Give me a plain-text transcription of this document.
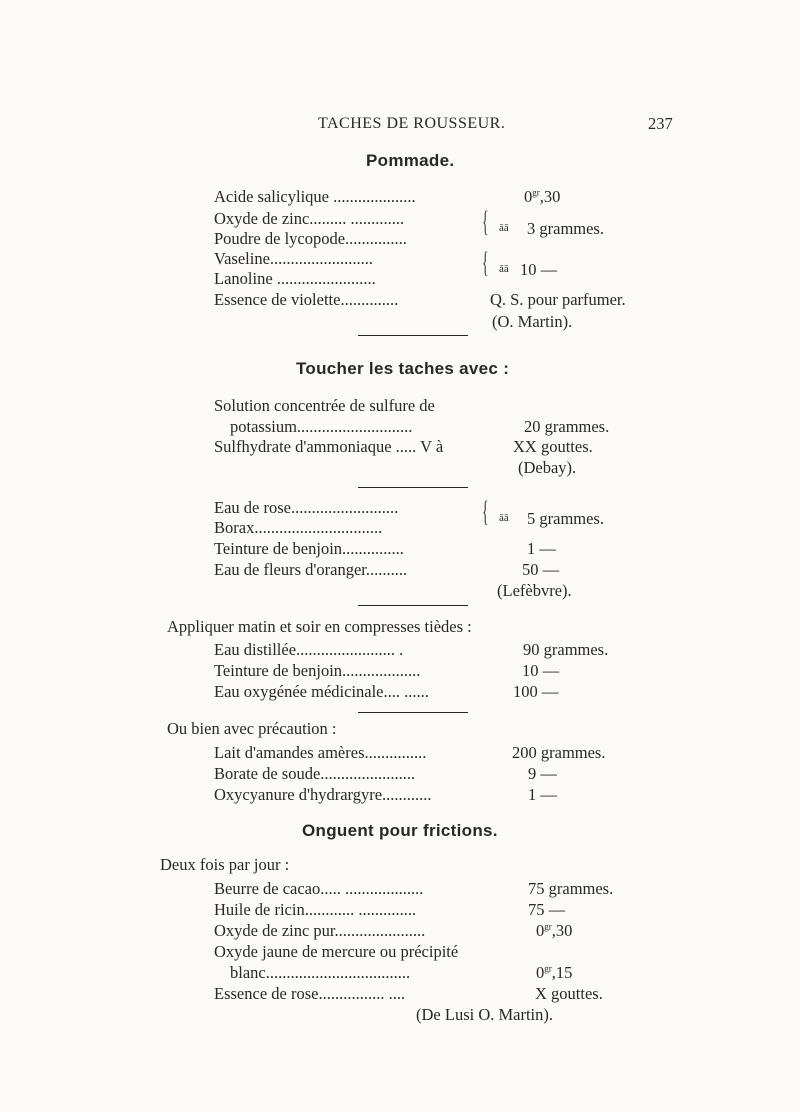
TACHES DE ROUSSEUR.	237
Pommade.
Acide salicylique ....................	$0^{gr},30$
Oxyde de zinc......... .............
Poudre de lycopode...............
{ āā 3 grammes.
Vaseline.........................
Lanoline ........................	{ āā 10 —
Essence de violette..............	Q. S. pour parfumer.
(O. Martin).
Toucher les taches avec :
Solution concentrée de sulfure de
potassium............................	20 grammes.
Sulfhydrate d'ammoniaque ..... V à	XX gouttes.
(Debay).
Eau de rose..........................
Borax...............................	{ āā 5 grammes.
Teinture de benjoin...............	1 —
Eau de fleurs d'oranger..........	50 —
(Lefèbvre).
Appliquer matin et soir en compresses tièdes :
Eau distillée........................ .	90 grammes.
Teinture de benjoin...................	10 —
Eau oxygénée médicinale.... ......	100 —
Ou bien avec précaution :
Lait d'amandes amères...............	200 grammes.
Borate de soude.......................	9 —
Oxycyanure d'hydrargyre............	1 —
Onguent pour frictions.
Deux fois par jour :
Beurre de cacao..... ...................	75 grammes.
Huile de ricin............ ..............	75 —
Oxyde de zinc pur......................	$0^{gr},30$
Oxyde jaune de mercure ou précipité
blanc...................................	$0^{gr},15$
Essence de rose................ ....	X gouttes.
(De Lusi O. Martin).
